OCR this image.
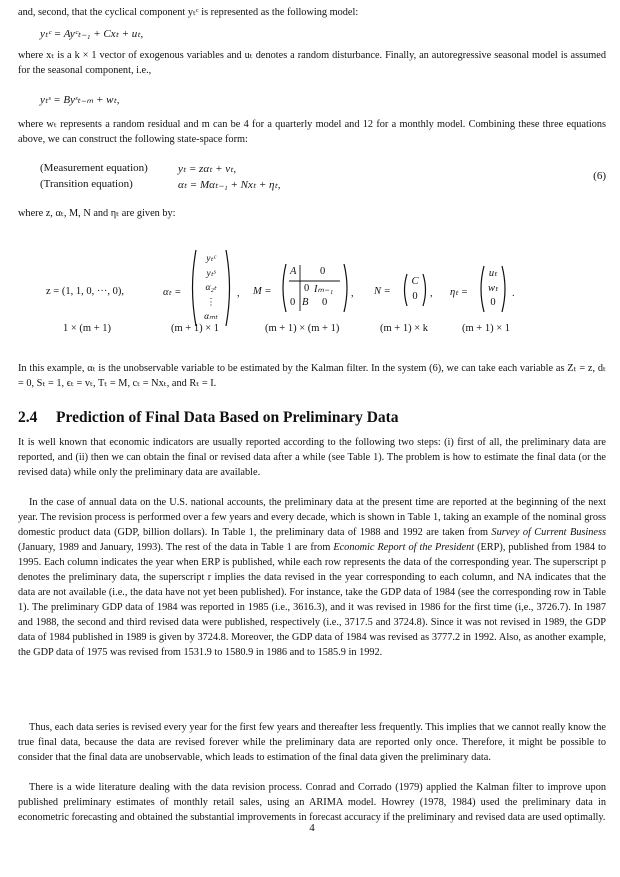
and, second, that the cyclical component yₜᶜ is represented as the following model:
yₜᶜ = Ayᶜₜ₋₁ + Cxₜ + uₜ,
where xₜ is a k × 1 vector of exogenous variables and uₜ denotes a random disturbance. Finally, an autoregressive seasonal model is assumed for the seasonal component, i.e.,
yₜˢ = Byˢₜ₋ₘ + wₜ,
where wₜ represents a random residual and m can be 4 for a quarterly model and 12 for a monthly model. Combining these three equations above, we can construct the following state-space form:
(Measurement equation)	yₜ = zαₜ + vₜ,
(Transition equation)	αₜ = Mαₜ₋₁ + Nxₜ + ηₜ,
(6)
where z, αₜ, M, N and ηₜ are given by:
z = (1, 1, 0, ···, 0),	αₜ =
yₜᶜ
yₜˢ
α₂ₜ
⋮
αₘₜ
, M =
A 0
0 Iₘ₋₁
0 B 0
, N =
C
0	, ηₜ =
uₜ
wₜ
0
.
1 × (m + 1)	(m + 1) × 1	(m + 1) × (m + 1)	(m + 1) × k	(m + 1) × 1
In this example, αₜ is the unobservable variable to be estimated by the Kalman filter. In the system (6), we can take each variable as Zₜ = z, dₜ = 0, Sₜ = 1, ϵₜ = vₜ, Tₜ = M, cₜ = Nxₜ, and Rₜ = I.
2.4 Prediction of Final Data Based on Preliminary Data
It is well known that economic indicators are usually reported according to the following two steps: (i) first of all, the preliminary data are reported, and (ii) then we can obtain the final or revised data after a while (see Table 1). The problem is how to estimate the final data (or the revised data) while only the preliminary data are available.
In the case of annual data on the U.S. national accounts, the preliminary data at the present time are reported at the beginning of the next year. The revision process is performed over a few years and every decade, which is shown in Table 1, taking an example of the nominal gross domestic product data (GDP, billion dollars). In Table 1, the preliminary data of 1988 and 1992 are taken from Survey of Current Business (January, 1989 and January, 1993). The rest of the data in Table 1 are from Economic Report of the President (ERP), published from 1984 to 1995. Each column indicates the year when ERP is published, while each row represents the data of the corresponding year. The superscript p denotes the preliminary data, the superscript r implies the data revised in the year corresponding to each column, and NA indicates that the data are not available (i.e., the data have not yet been published). For instance, take the GDP data of 1984 (see the corresponding row in Table 1). The preliminary GDP data of 1984 was reported in 1985 (i.e., 3616.3), and it was revised in 1986 for the first time (i,e., 3726.7). In 1987 and 1988, the second and third revised data were published, respectively (i.e., 3717.5 and 3724.8). Since it was not revised in 1989, the GDP data of 1984 published in 1989 is given by 3724.8. Moreover, the GDP data of 1984 was revised as 3777.2 in 1992. Also, as another example, the GDP data of 1975 was revised from 1531.9 to 1580.9 in 1986 and to 1585.9 in 1992.
Thus, each data series is revised every year for the first few years and thereafter less frequently. This implies that we cannot really know the true final data, because the data are revised forever while the preliminary data are reported only once. Therefore, it might be possible to consider that the final data are unobservable, which leads to estimation of the final data given the preliminary data.
There is a wide literature dealing with the data revision process. Conrad and Corrado (1979) applied the Kalman filter to improve upon published preliminary estimates of monthly retail sales, using an ARIMA model. Howrey (1978, 1984) used the preliminary data in econometric forecasting and obtained the substantial improvements in forecast accuracy if the preliminary and revised data are used optimally.
4
